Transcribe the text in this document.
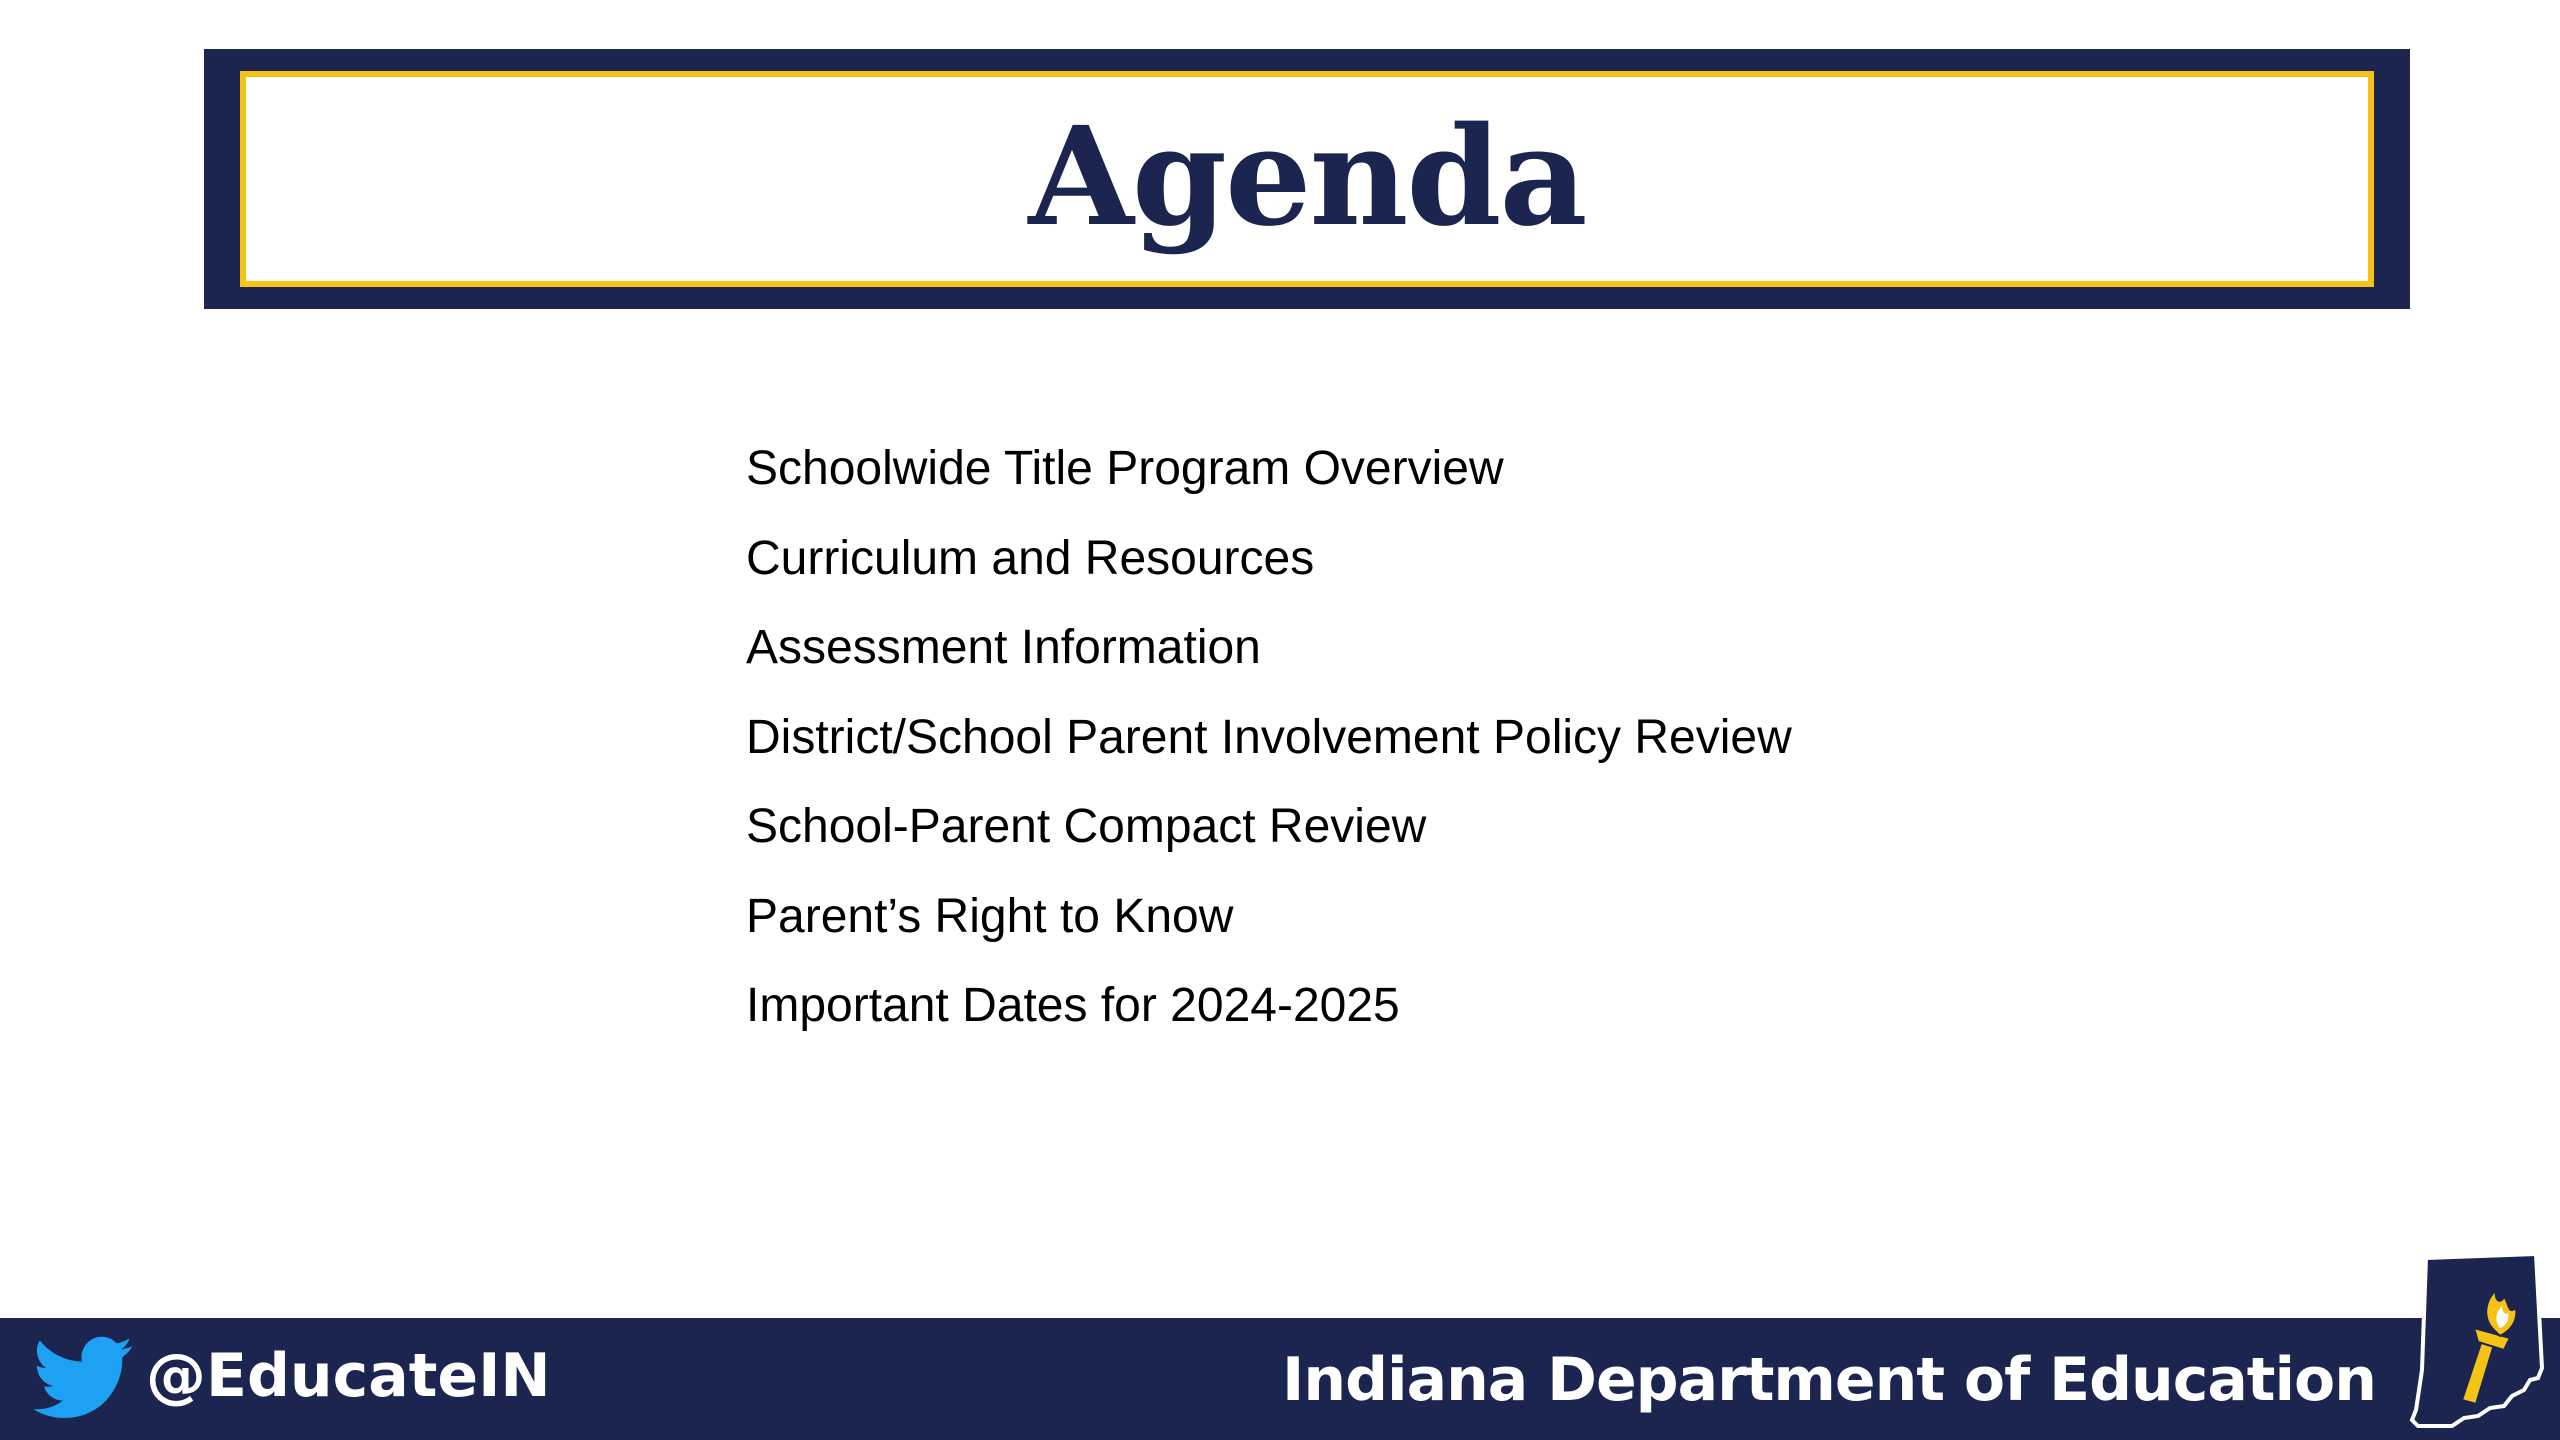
Agenda
Schoolwide Title Program Overview
Curriculum and Resources
Assessment Information
District/School Parent Involvement Policy Review
School-Parent Compact Review
Parent’s Right to Know
Important Dates for 2024-2025
@EducateIN	Indiana Department of Education
